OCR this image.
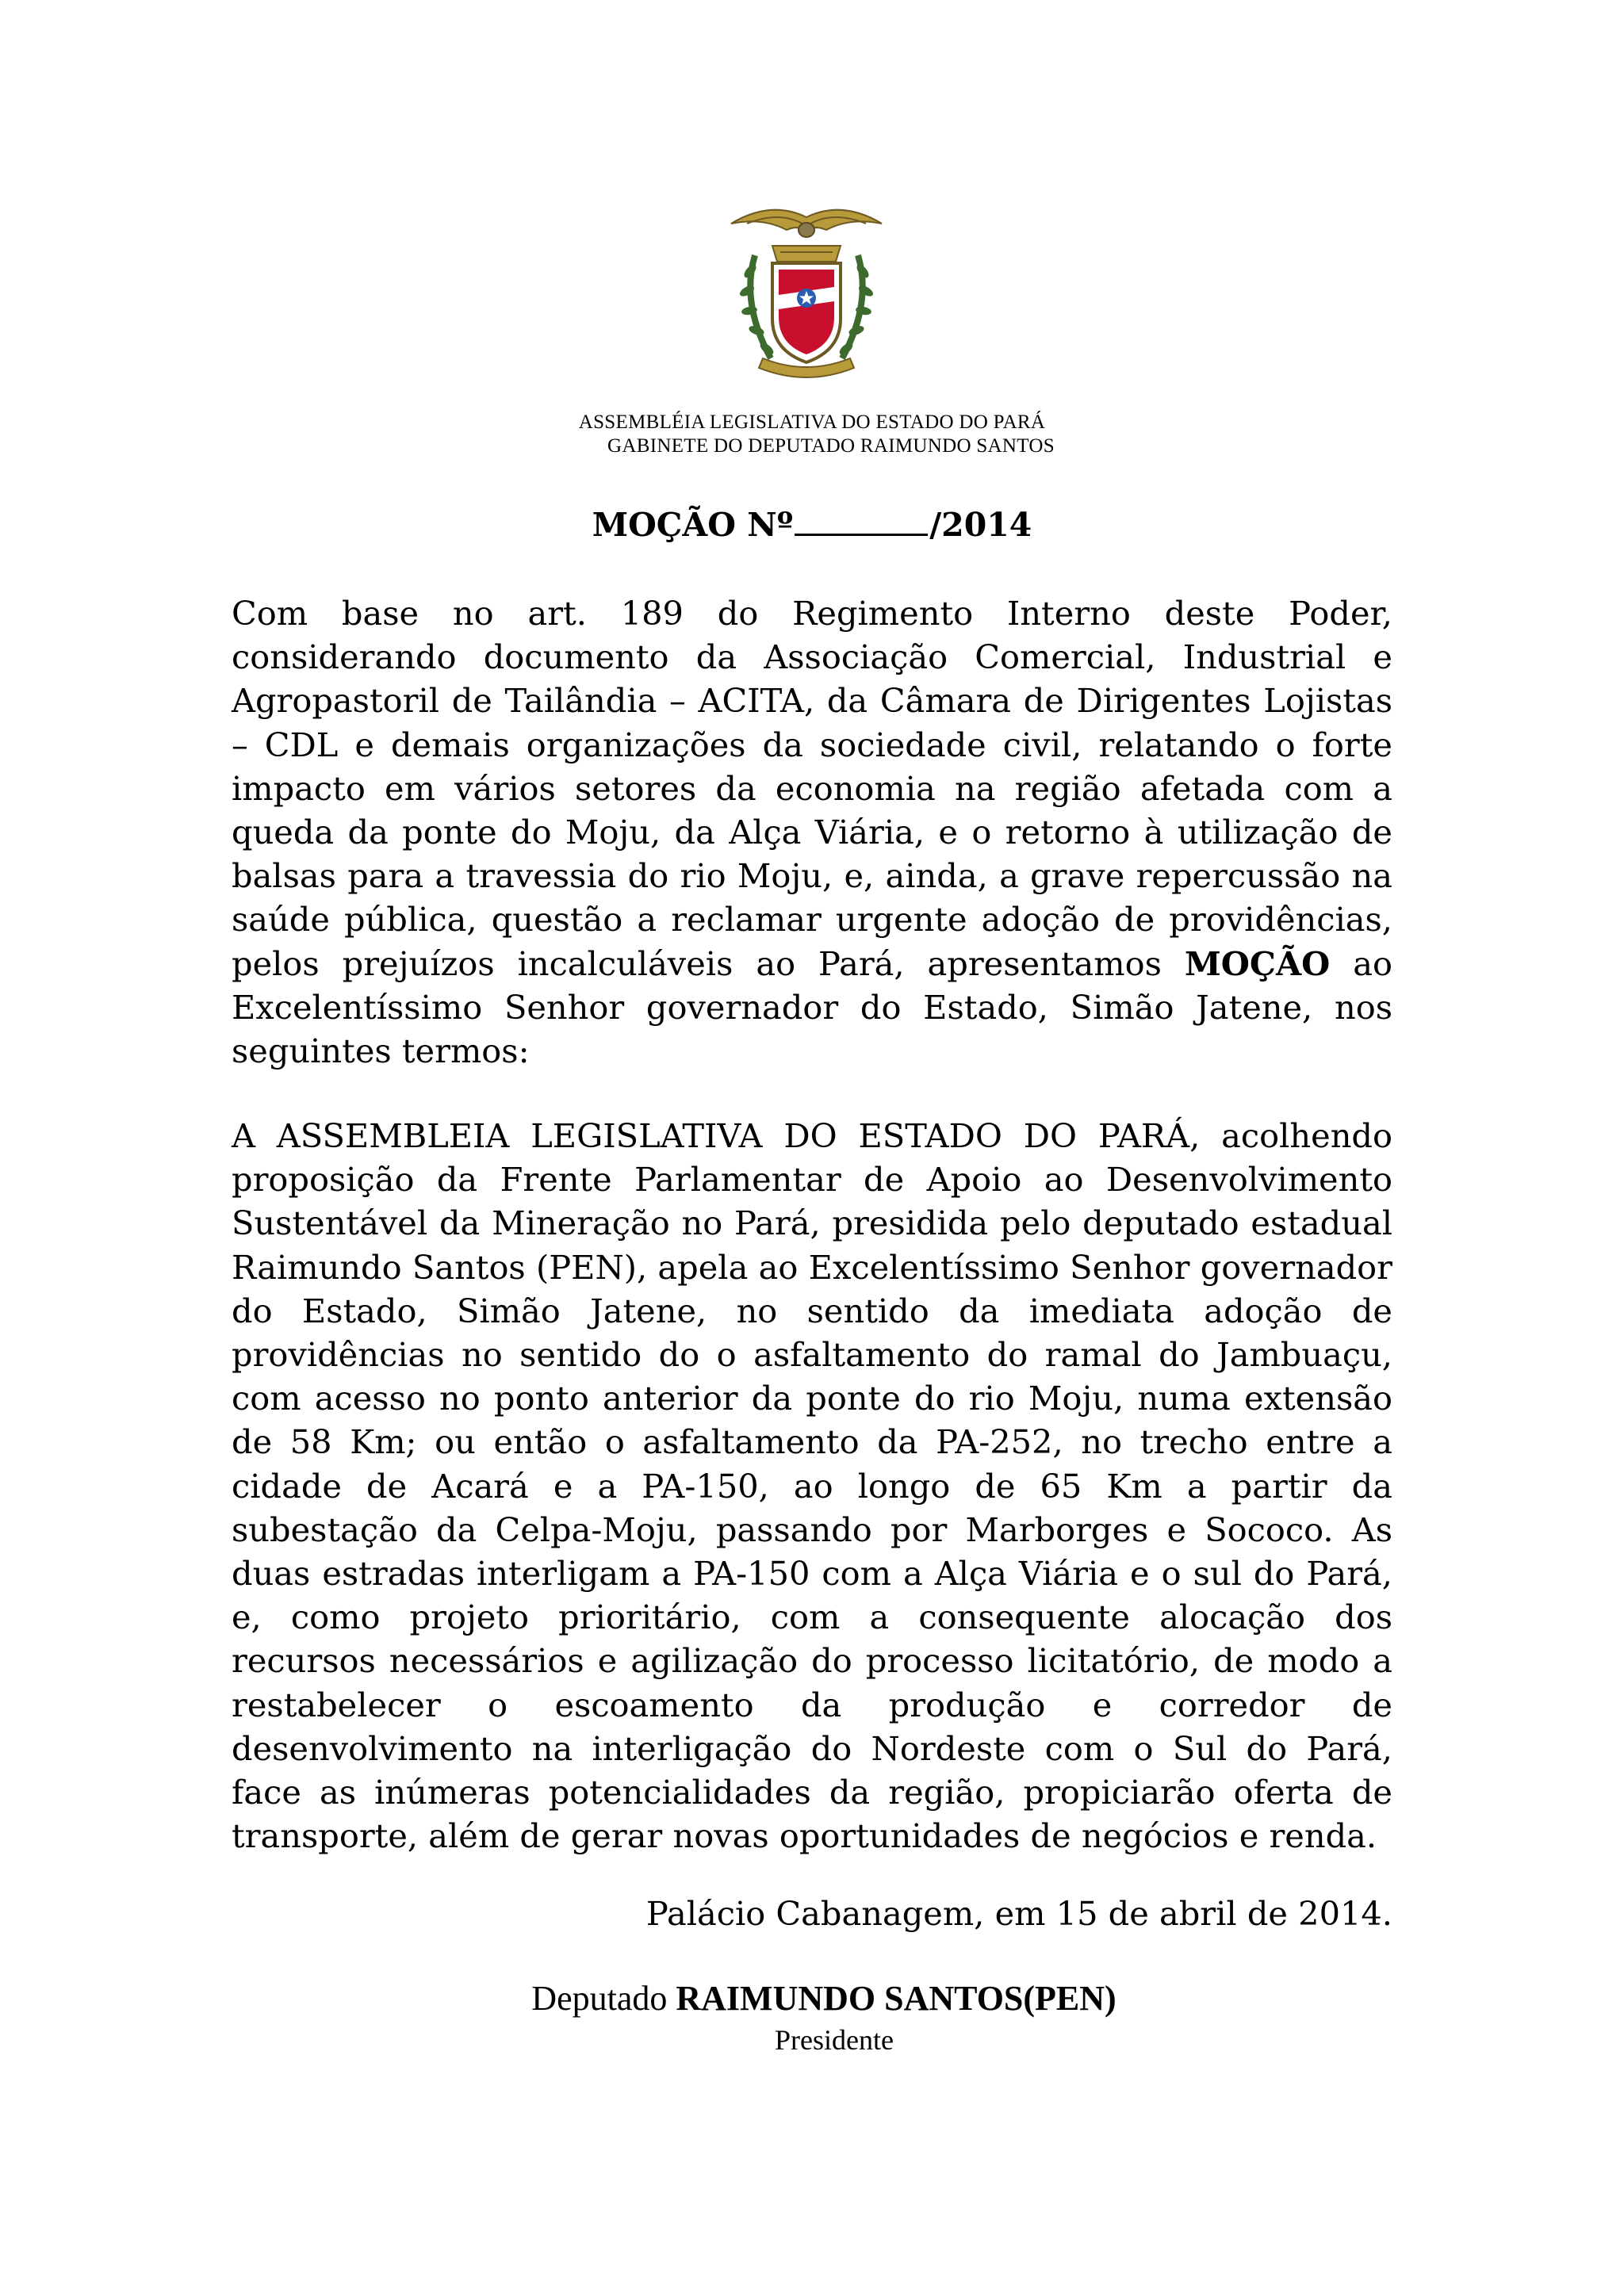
ASSEMBLÉIA LEGISLATIVA DO ESTADO DO PARÁ
GABINETE DO DEPUTADO RAIMUNDO SANTOS
MOÇÃO Nº	/2014
Com base no art. 189 do Regimento Interno deste Poder, considerando documento da Associação Comercial, Industrial e Agropastoril de Tailândia – ACITA, da Câmara de Dirigentes Lojistas – CDL e demais organizações da sociedade civil, relatando o forte impacto em vários setores da economia na região afetada com a queda da ponte do Moju, da Alça Viária, e o retorno à utilização de balsas para a travessia do rio Moju, e, ainda, a grave repercussão na saúde pública, questão a reclamar urgente adoção de providências, pelos prejuízos incalculáveis ao Pará, apresentamos MOÇÃO ao Excelentíssimo Senhor governador do Estado, Simão Jatene, nos seguintes termos:
A ASSEMBLEIA LEGISLATIVA DO ESTADO DO PARÁ, acolhendo proposição da Frente Parlamentar de Apoio ao Desenvolvimento Sustentável da Mineração no Pará, presidida pelo deputado estadual Raimundo Santos (PEN), apela ao Excelentíssimo Senhor governador do Estado, Simão Jatene, no sentido da imediata adoção de providências no sentido do o asfaltamento do ramal do Jambuaçu, com acesso no ponto anterior da ponte do rio Moju, numa extensão de 58 Km; ou então o asfaltamento da PA-252, no trecho entre a cidade de Acará e a PA-150, ao longo de 65 Km a partir da subestação da Celpa-Moju, passando por Marborges e Sococo. As duas estradas interligam a PA-150 com a Alça Viária e o sul do Pará, e, como projeto prioritário, com a consequente alocação dos recursos necessários e agilização do processo licitatório, de modo a restabelecer o escoamento da produção e corredor de desenvolvimento na interligação do Nordeste com o Sul do Pará, face as inúmeras potencialidades da região, propiciarão oferta de transporte, além de gerar novas oportunidades de negócios e renda.
Palácio Cabanagem, em 15 de abril de 2014.
Deputado RAIMUNDO SANTOS(PEN)
Presidente
